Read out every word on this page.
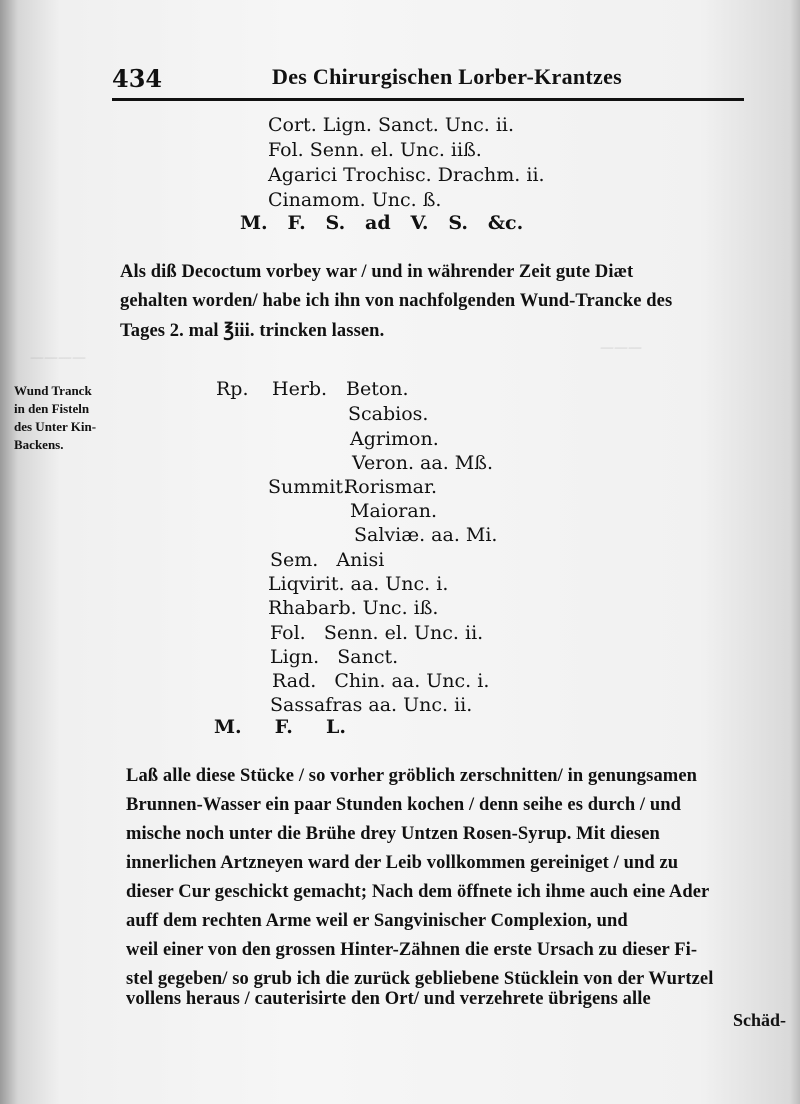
———
————
434	Des Chirurgischen Lorber-Krantzes
Cort. Lign. Sanct. Unc. ii.
Fol. Senn. el. Unc. iiß.
Agarici Trochisc. Drachm. ii.
Cinamom. Unc. ß.
M.   F.   S.   ad   V.   S.   &c.
Als diß Decoctum vorbey war / und in währender Zeit gute Diæt
gehalten worden/ habe ich ihn von nachfolgenden Wund-Trancke des
Tages 2. mal ℥iii. trincken lassen.
Wund Tranck
in den Fisteln
des Unter Kin-
Backens.
Rp. Herb. Beton.
Scabios.
Agrimon.
Veron. aa. Mß.
Summit.
Rorismar.
Maioran.
Salviæ. aa. Mi.
Sem.   Anisi
Liqvirit. aa. Unc. i.
Rhabarb. Unc. iß.
Fol.   Senn. el. Unc. ii.
Lign.   Sanct.
Rad.   Chin. aa. Unc. i.
Sassafras aa. Unc. ii.
M.     F.     L.
Laß alle diese Stücke / so vorher gröblich zerschnitten/ in genungsamen
Brunnen-Wasser ein paar Stunden kochen / denn seihe es durch / und
mische noch unter die Brühe drey Untzen Rosen-Syrup. Mit diesen
innerlichen Artzneyen ward der Leib vollkommen gereiniget / und zu
dieser Cur geschickt gemacht; Nach dem öffnete ich ihme auch eine Ader
auff dem rechten Arme weil er Sangvinischer Complexion, und
weil einer von den grossen Hinter-Zähnen die erste Ursach zu dieser Fi-
stel gegeben/ so grub ich die zurück gebliebene Stücklein von der Wurtzel
vollens heraus / cauterisirte den Ort/ und verzehrete übrigens alle
Schäd-
